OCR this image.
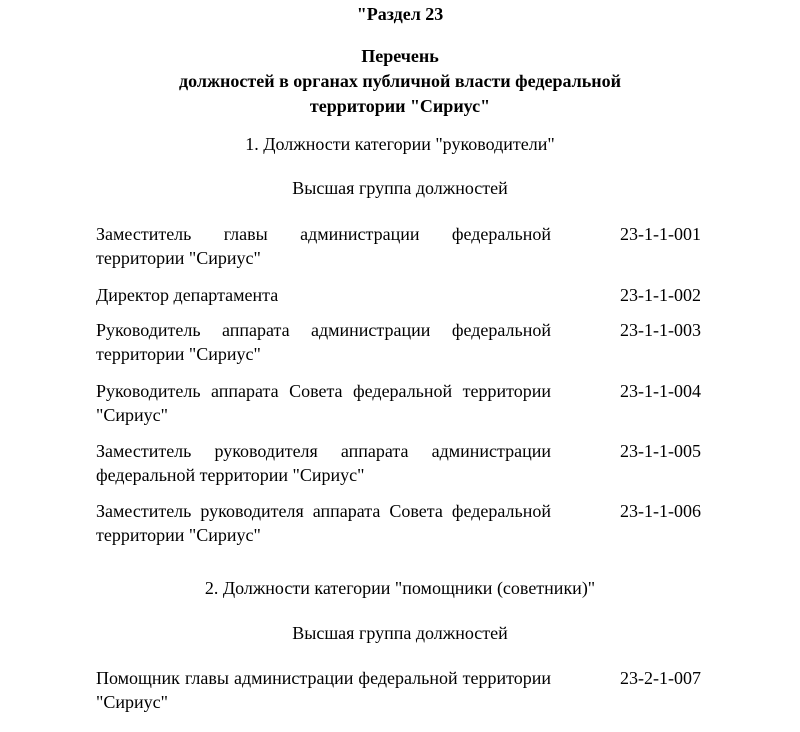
"Раздел 23
Перечень
должностей в органах публичной власти федеральной
территории "Сириус"
1. Должности категории "руководители"
Высшая группа должностей
Заместитель главы администрации федеральной территории "Сириус"
23-1-1-001
Директор департамента	23-1-1-002
Руководитель аппарата администрации федеральной территории "Сириус"
23-1-1-003
Руководитель аппарата Совета федеральной территории "Сириус"
23-1-1-004
Заместитель руководителя аппарата администрации федеральной территории "Сириус"
23-1-1-005
Заместитель руководителя аппарата Совета федеральной территории "Сириус"
23-1-1-006
2. Должности категории "помощники (советники)"
Высшая группа должностей
Помощник главы администрации федеральной территории "Сириус"
23-2-1-007
